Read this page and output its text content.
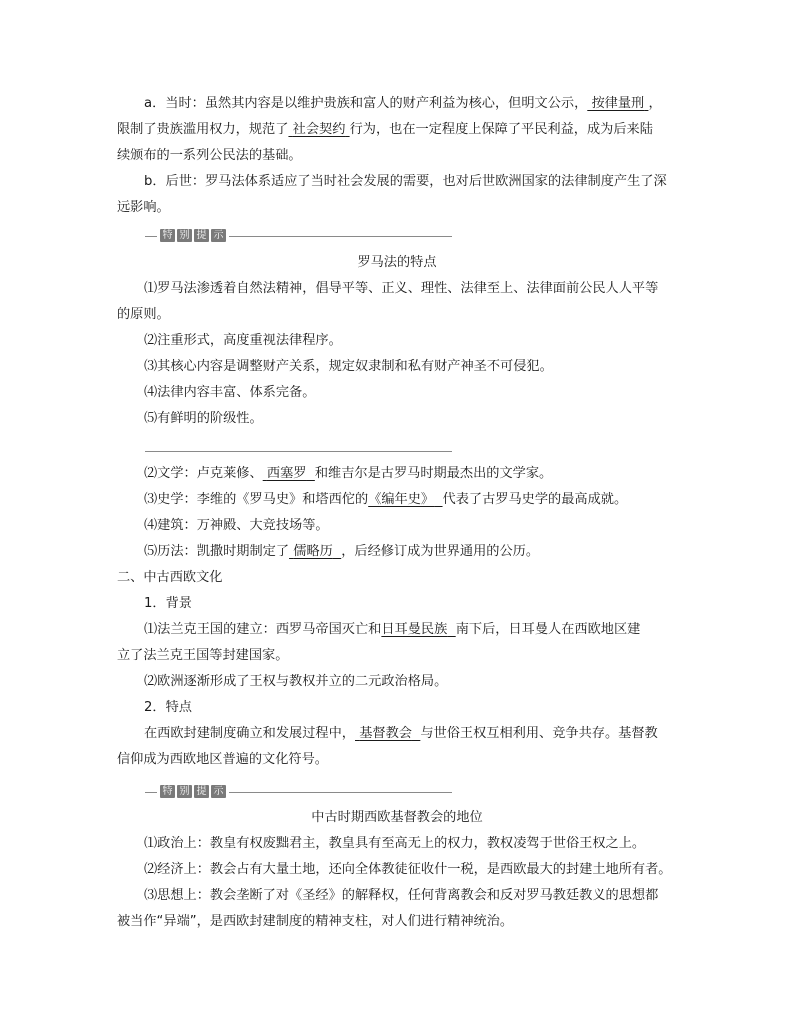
a．当时：虽然其内容是以维护贵族和富人的财产利益为核心，但明文公示， 按律量刑 ，

限制了贵族滥用权力，规范了 社会契约 行为，也在一定程度上保障了平民利益，成为后来陆

续颁布的一系列公民法的基础。

b．后世：罗马法体系适应了当时社会发展的需要，也对后世欧洲国家的法律制度产生了深

远影响。

特 别 提 示

罗马法的特点

⑴罗马法渗透着自然法精神，倡导平等、正义、理性、法律至上、法律面前公民人人平等

的原则。

⑵注重形式，高度重视法律程序。

⑶其核心内容是调整财产关系，规定奴隶制和私有财产神圣不可侵犯。

⑷法律内容丰富、体系完备。

⑸有鲜明的阶级性。

⑵文学：卢克莱修、 西塞罗 和维吉尔是古罗马时期最杰出的文学家。

⑶史学：李维的《罗马史》和塔西佗的《编年史》 代表了古罗马史学的最高成就。

⑷建筑：万神殿、大竞技场等。

⑸历法：凯撒时期制定了 儒略历 ，后经修订成为世界通用的公历。

二、中古西欧文化

1．背景

⑴法兰克王国的建立：西罗马帝国灭亡和日耳曼民族 南下后，日耳曼人在西欧地区建

立了法兰克王国等封建国家。

⑵欧洲逐渐形成了王权与教权并立的二元政治格局。

2．特点

在西欧封建制度确立和发展过程中， 基督教会 与世俗王权互相利用、竞争共存。基督教

信仰成为西欧地区普遍的文化符号。

特 别 提 示

中古时期西欧基督教会的地位

⑴政治上：教皇有权废黜君主，教皇具有至高无上的权力，教权凌驾于世俗王权之上。

⑵经济上：教会占有大量土地，还向全体教徒征收什一税，是西欧最大的封建土地所有者。

⑶思想上：教会垄断了对《圣经》的解释权，任何背离教会和反对罗马教廷教义的思想都

被当作“异端”，是西欧封建制度的精神支柱，对人们进行精神统治。
